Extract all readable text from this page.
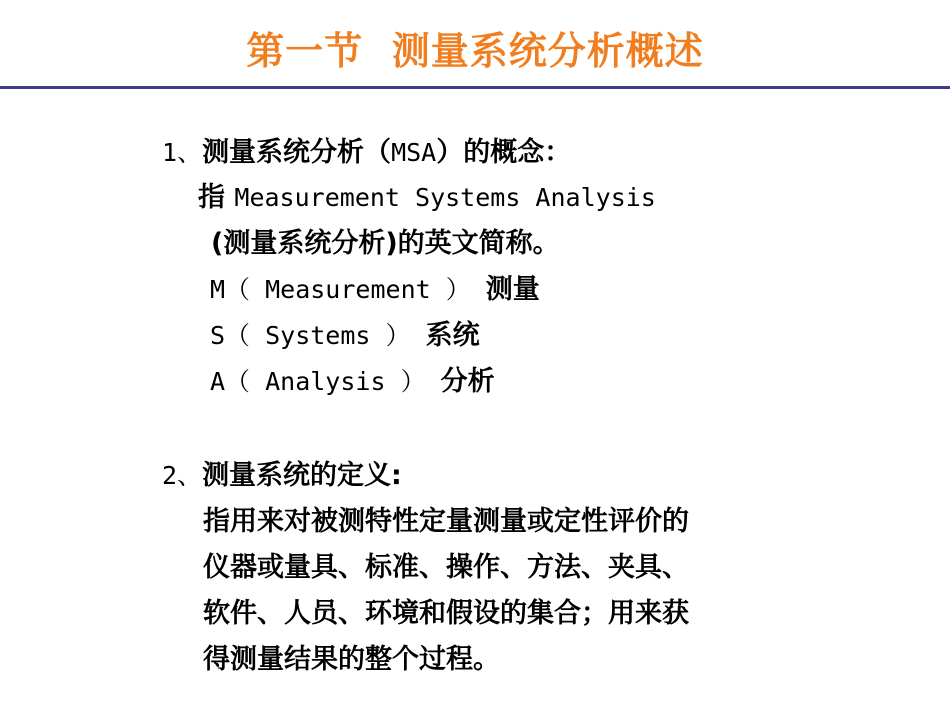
第一节  测量系统分析概述
1、测量系统分析（MSA）的概念：
指 Measurement Systems Analysis
(测量系统分析)的英文简称。
M（ Measurement ） 测量
S（ Systems ） 系统
A（ Analysis ） 分析
2、测量系统的定义:
指用来对被测特性定量测量或定性评价的
仪器或量具、标准、操作、方法、夹具、
软件、人员、环境和假设的集合；用来获
得测量结果的整个过程。
